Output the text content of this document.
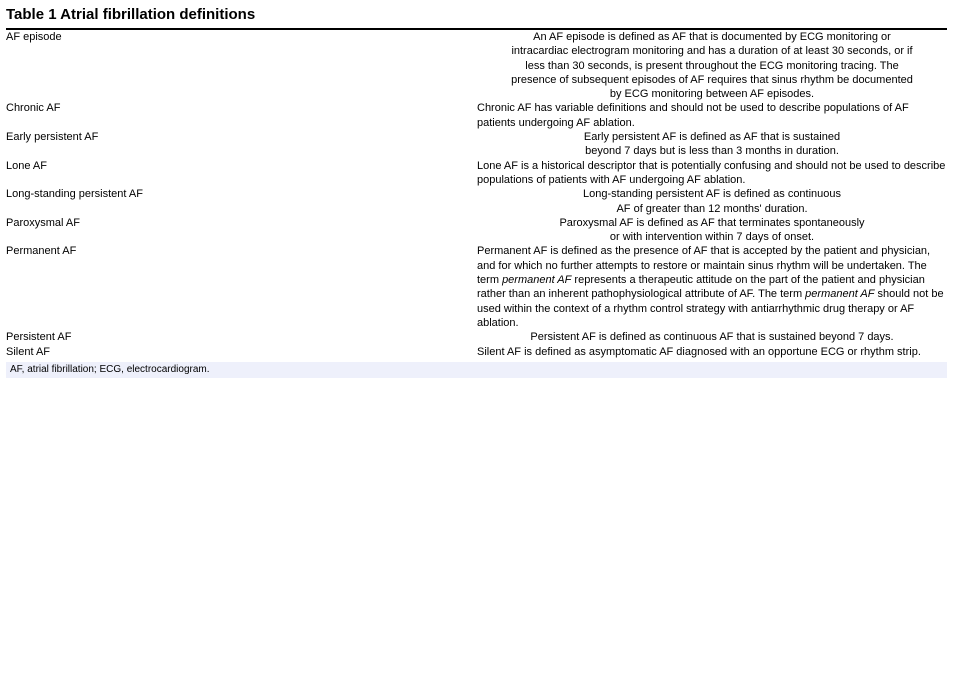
Table 1 Atrial fibrillation definitions
AF episode	An AF episode is defined as AF that is documented by ECG monitoring or intracardiac electrogram monitoring and has a duration of at least 30 seconds, or if less than 30 seconds, is present throughout the ECG monitoring tracing. The presence of subsequent episodes of AF requires that sinus rhythm be documented by ECG monitoring between AF episodes.
Chronic AF	Chronic AF has variable definitions and should not be used to describe populations of AF patients undergoing AF ablation.
Early persistent AF	Early persistent AF is defined as AF that is sustained beyond 7 days but is less than 3 months in duration.
Lone AF	Lone AF is a historical descriptor that is potentially confusing and should not be used to describe populations of patients with AF undergoing AF ablation.
Long-standing persistent AF	Long-standing persistent AF is defined as continuous AF of greater than 12 months' duration.
Paroxysmal AF	Paroxysmal AF is defined as AF that terminates spontaneously or with intervention within 7 days of onset.
Permanent AF	Permanent AF is defined as the presence of AF that is accepted by the patient and physician, and for which no further attempts to restore or maintain sinus rhythm will be undertaken. The term permanent AF represents a therapeutic attitude on the part of the patient and physician rather than an inherent pathophysiological attribute of AF. The term permanent AF should not be used within the context of a rhythm control strategy with antiarrhythmic drug therapy or AF ablation.
Persistent AF	Persistent AF is defined as continuous AF that is sustained beyond 7 days.
Silent AF	Silent AF is defined as asymptomatic AF diagnosed with an opportune ECG or rhythm strip.
AF, atrial fibrillation; ECG, electrocardiogram.
